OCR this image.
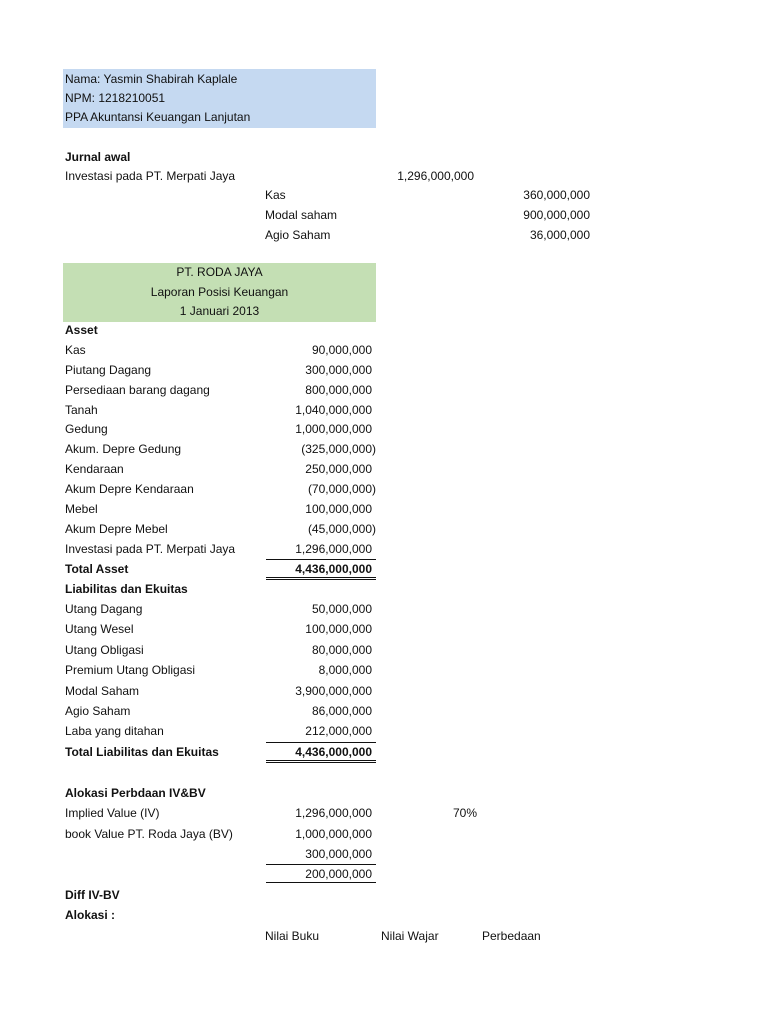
Nama: Yasmin Shabirah Kaplale
NPM: 1218210051
PPA Akuntansi Keuangan Lanjutan
Jurnal awal
Investasi pada PT. Merpati Jaya	1,296,000,000
Kas	360,000,000
Modal saham	900,000,000
Agio Saham	36,000,000
PT. RODA JAYA
Laporan Posisi Keuangan
1 Januari 2013
Asset
Kas	90,000,000
Piutang Dagang	300,000,000
Persediaan barang dagang	800,000,000
Tanah	1,040,000,000
Gedung	1,000,000,000
Akum. Depre Gedung	(325,000,000)
Kendaraan	250,000,000
Akum Depre Kendaraan	(70,000,000)
Mebel	100,000,000
Akum Depre Mebel	(45,000,000)
Investasi pada PT. Merpati Jaya	1,296,000,000
Total Asset	4,436,000,000
Liabilitas dan Ekuitas
Utang Dagang	50,000,000
Utang Wesel	100,000,000
Utang Obligasi	80,000,000
Premium Utang Obligasi	8,000,000
Modal Saham	3,900,000,000
Agio Saham	86,000,000
Laba yang ditahan	212,000,000
Total Liabilitas dan Ekuitas	4,436,000,000
Alokasi Perbdaan IV&BV
Implied Value (IV)	1,296,000,000	70%
book Value PT. Roda Jaya (BV)	1,000,000,000
300,000,000
200,000,000
Diff IV-BV
Alokasi :
Nilai Buku	Nilai Wajar	Perbedaan
